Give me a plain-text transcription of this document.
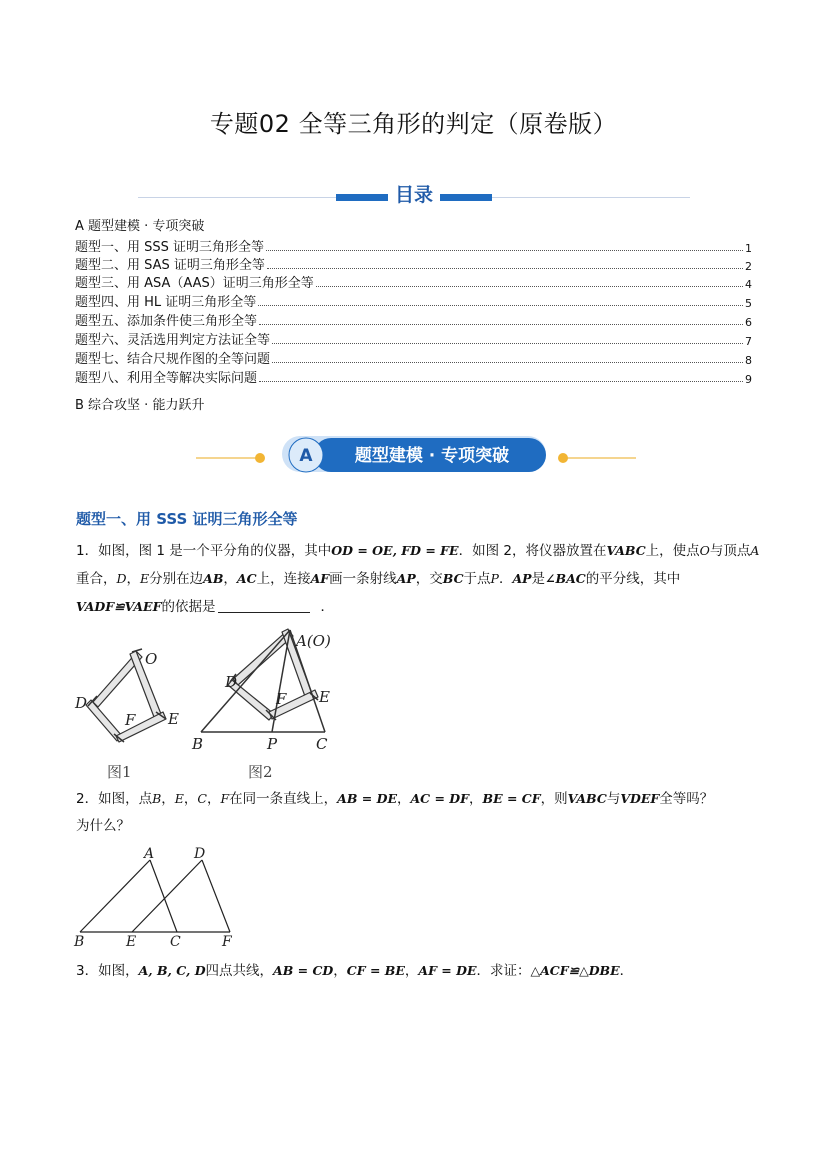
专题02 全等三角形的判定（原卷版）
目录
A 题型建模 · 专项突破
题型一、用 SSS 证明三角形全等	1
题型二、用 SAS 证明三角形全等	2
题型三、用 ASA（AAS）证明三角形全等	4
题型四、用 HL 证明三角形全等	5
题型五、添加条件使三角形全等	6
题型六、灵活选用判定方法证全等	7
题型七、结合尺规作图的全等问题	8
题型八、利用全等解决实际问题	9
B 综合攻坚 · 能力跃升
A 题型建模 · 专项突破
题型一、用 SSS 证明三角形全等
1．如图，图 1 是一个平分角的仪器，其中OD = OE, FD = FE．如图 2，将仪器放置在VABC上，使点O与顶点A重合，D，E分别在边AB，AC上，连接AF画一条射线AP，交BC于点P．AP是∠BAC的平分线，其中VADF≌VAEF的依据是	．
O
D
F E
A(O)
D
E
F
B	P	C
图1	图2
2．如图，点B，E，C，F在同一条直线上，AB = DE，AC = DF，BE = CF，则VABC与VDEF全等吗？
为什么？
A	D
B	E C	F
3．如图，A, B, C, D四点共线，AB = CD，CF = BE，AF = DE．求证：△ACF≌△DBE．
